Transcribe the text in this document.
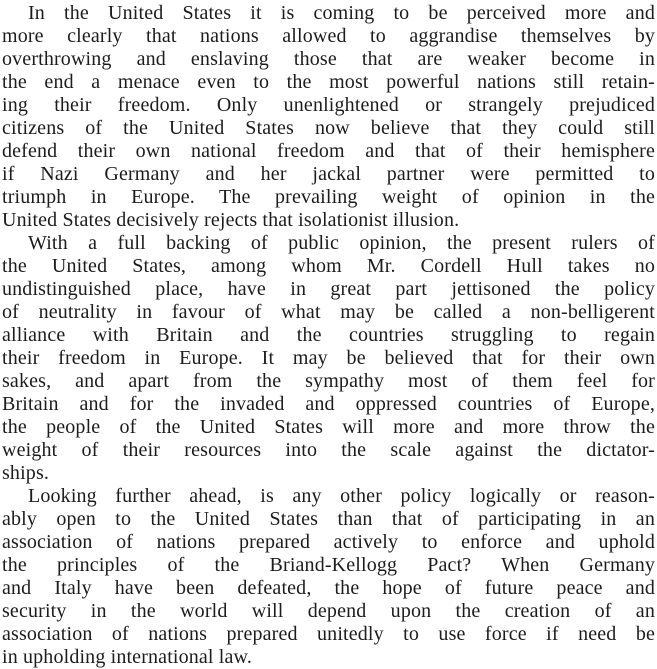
In the United States it is coming to be perceived more and
more clearly that nations allowed to aggrandise themselves by
overthrowing and enslaving those that are weaker become in
the end a menace even to the most powerful nations still retain-
ing their freedom. Only unenlightened or strangely prejudiced
citizens of the United States now believe that they could still
defend their own national freedom and that of their hemisphere
if Nazi Germany and her jackal partner were permitted to
triumph in Europe. The prevailing weight of opinion in the
United States decisively rejects that isolationist illusion.
With a full backing of public opinion, the present rulers of
the United States, among whom Mr. Cordell Hull takes no
undistinguished place, have in great part jettisoned the policy
of neutrality in favour of what may be called a non-belligerent
alliance with Britain and the countries struggling to regain
their freedom in Europe. It may be believed that for their own
sakes, and apart from the sympathy most of them feel for
Britain and for the invaded and oppressed countries of Europe,
the people of the United States will more and more throw the
weight of their resources into the scale against the dictator-
ships.
Looking further ahead, is any other policy logically or reason-
ably open to the United States than that of participating in an
association of nations prepared actively to enforce and uphold
the principles of the Briand-Kellogg Pact? When Germany
and Italy have been defeated, the hope of future peace and
security in the world will depend upon the creation of an
association of nations prepared unitedly to use force if need be
in upholding international law.
